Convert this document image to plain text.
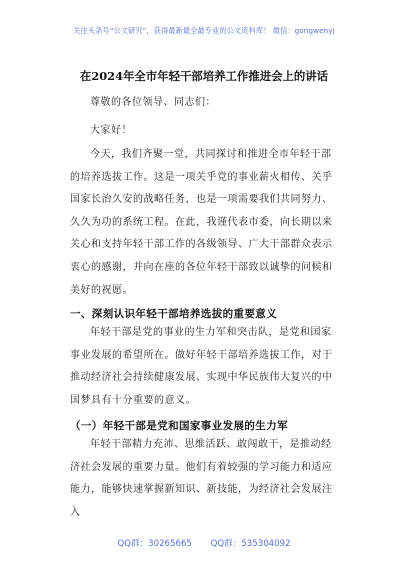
关注头条号“公文研究”，获得最新最全最专业的公文资料库！ 微信：gongwenyj
在2024年全市年轻干部培养工作推进会上的讲话
尊敬的各位领导、同志们：
大家好！
今天，我们齐聚一堂，共同探讨和推进全市年轻干部的培养选拔工作。这是一项关乎党的事业薪火相传、关乎国家长治久安的战略任务，也是一项需要我们共同努力、久久为功的系统工程。在此，我谨代表市委，向长期以来关心和支持年轻干部工作的各级领导、广大干部群众表示衷心的感谢，并向在座的各位年轻干部致以诚挚的问候和美好的祝愿。
一、深刻认识年轻干部培养选拔的重要意义
年轻干部是党的事业的生力军和突击队，是党和国家事业发展的希望所在。做好年轻干部培养选拔工作，对于推动经济社会持续健康发展、实现中华民族伟大复兴的中国梦具有十分重要的意义。
（一）年轻干部是党和国家事业发展的生力军
年轻干部精力充沛、思维活跃、敢闯敢干，是推动经济社会发展的重要力量。他们有着较强的学习能力和适应能力，能够快速掌握新知识、新技能，为经济社会发展注入
QQ群：30265665 QQ群：535304092
